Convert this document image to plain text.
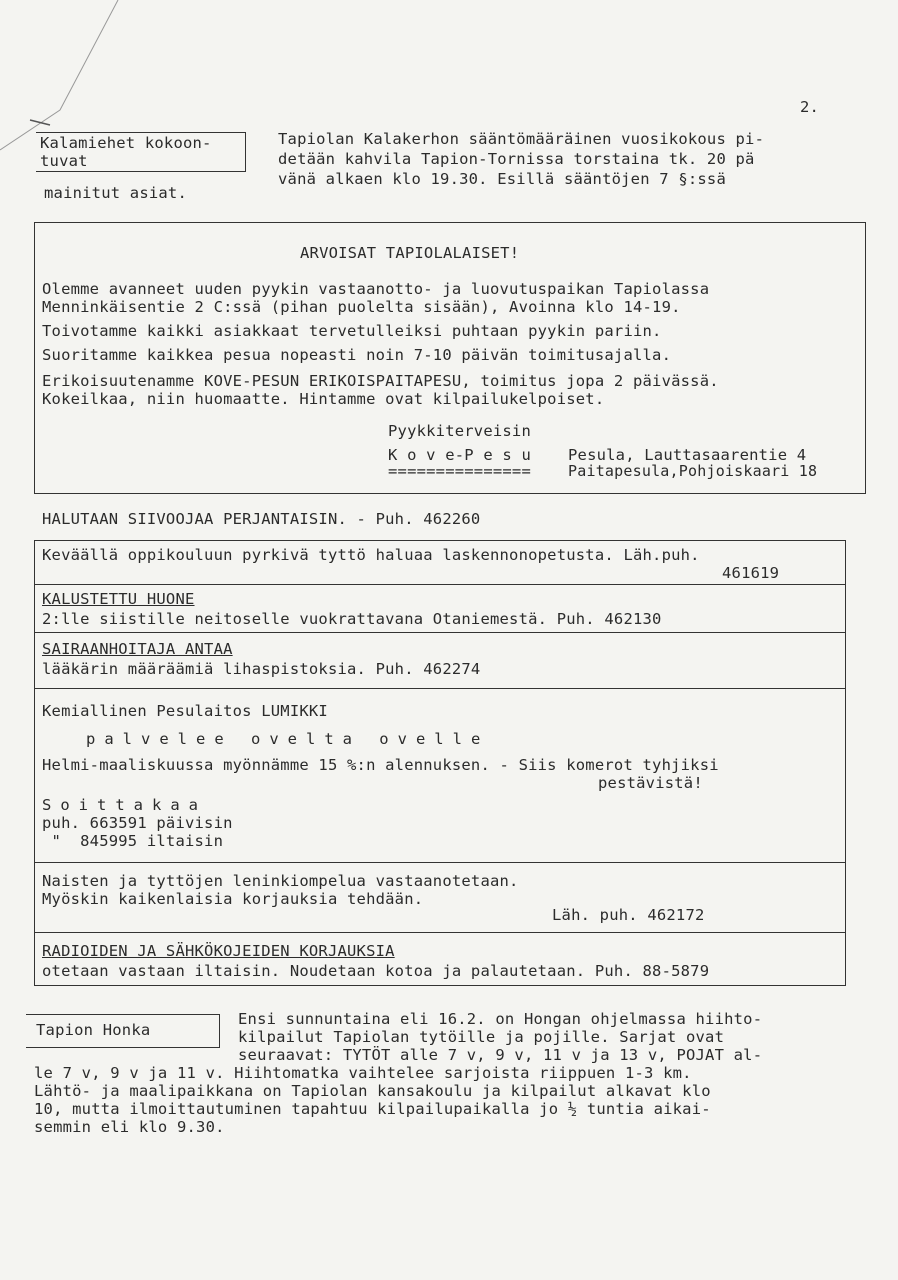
2.
Kalamiehet kokoon-
tuvat
mainitut asiat.
Tapiolan Kalakerhon sääntömääräinen vuosikokous pi-
detään kahvila Tapion-Tornissa torstaina tk. 20 pä
vänä alkaen klo 19.30. Esillä sääntöjen 7 §:ssä
ARVOISAT TAPIOLALAISET!
Olemme avanneet uuden pyykin vastaanotto- ja luovutuspaikan Tapiolassa
Menninkäisentie 2 C:ssä (pihan puolelta sisään), Avoinna klo 14-19.
Toivotamme kaikki asiakkaat tervetulleiksi puhtaan pyykin pariin.
Suoritamme kaikkea pesua nopeasti noin 7-10 päivän toimitusajalla.
Erikoisuutenamme KOVE-PESUN ERIKOISPAITAPESU, toimitus jopa 2 päivässä.
Kokeilkaa, niin huomaatte. Hintamme ovat kilpailukelpoiset.
Pyykkiterveisin
K o v e-P e s u
===============
Pesula, Lauttasaarentie 4
Paitapesula,Pohjoiskaari 18
HALUTAAN SIIVOOJAA PERJANTAISIN. - Puh. 462260
Keväällä oppikouluun pyrkivä tyttö haluaa laskennonopetusta. Läh.puh.
461619
KALUSTETTU HUONE
2:lle siistille neitoselle vuokrattavana Otaniemestä. Puh. 462130
SAIRAANHOITAJA ANTAA
lääkärin määräämiä lihaspistoksia. Puh. 462274
Kemiallinen Pesulaitos LUMIKKI
palvelee ovelta ovelle
Helmi-maaliskuussa myönnämme 15 %:n alennuksen. - Siis komerot tyhjiksi
pestävistä!
Soittakaa
puh. 663591 päivisin
"  845995 iltaisin
Naisten ja tyttöjen leninkiompelua vastaanotetaan.
Myöskin kaikenlaisia korjauksia tehdään.
Läh. puh. 462172
RADIOIDEN JA SÄHKÖKOJEIDEN KORJAUKSIA
otetaan vastaan iltaisin. Noudetaan kotoa ja palautetaan. Puh. 88-5879
Tapion Honka
Ensi sunnuntaina eli 16.2. on Hongan ohjelmassa hiihto-
kilpailut Tapiolan tytöille ja pojille. Sarjat ovat
seuraavat: TYTÖT alle 7 v, 9 v, 11 v ja 13 v, POJAT al-
le 7 v, 9 v ja 11 v. Hiihtomatka vaihtelee sarjoista riippuen 1-3 km.
Lähtö- ja maalipaikkana on Tapiolan kansakoulu ja kilpailut alkavat klo
10, mutta ilmoittautuminen tapahtuu kilpailupaikalla jo ½ tuntia aikai-
semmin eli klo 9.30.
